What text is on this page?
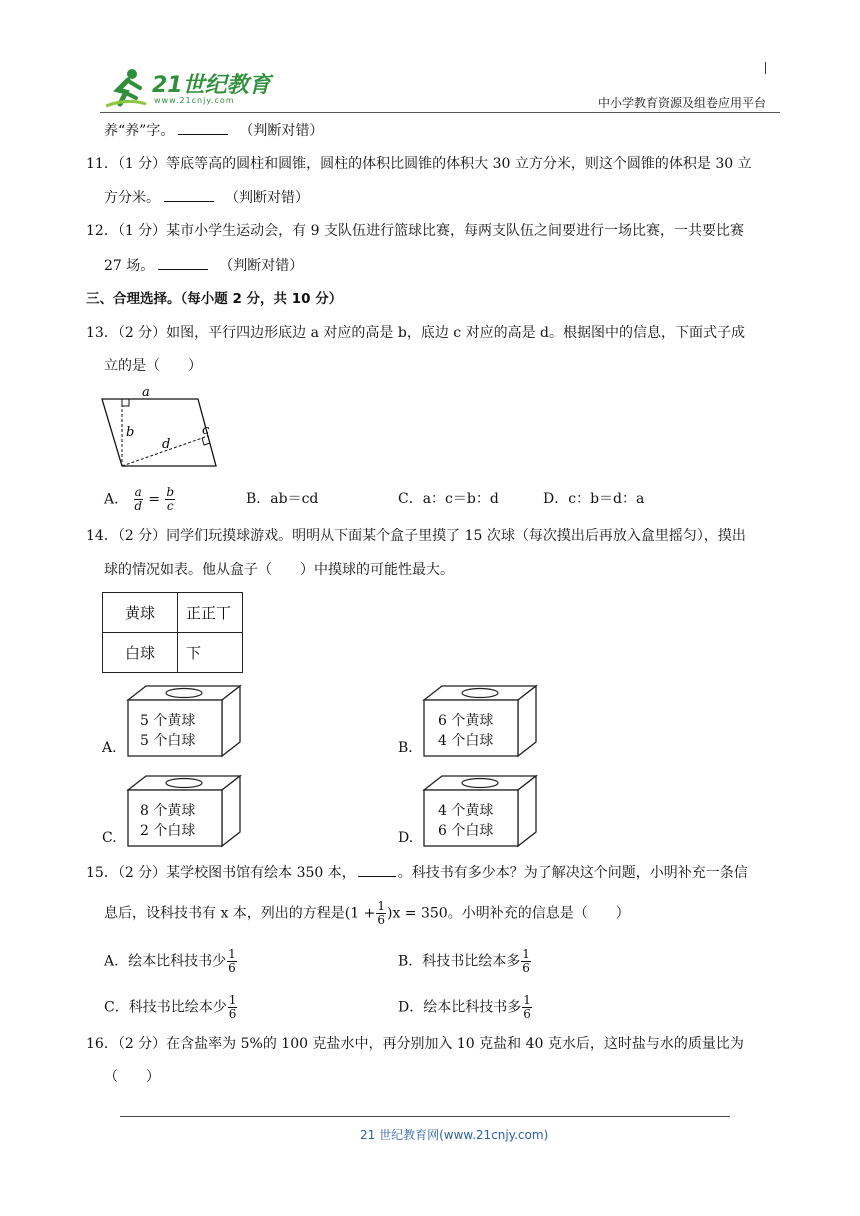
21世纪教育
www.21cnjy.com	中小学教育资源及组卷应用平台
养“养”字。　	（判断对错）
11．（1 分）等底等高的圆柱和圆锥，圆柱的体积比圆锥的体积大 30 立方分米，则这个圆锥的体积是 30 立
方分米。　	（判断对错）
12．（1 分）某市小学生运动会，有 9 支队伍进行篮球比赛，每两支队伍之间要进行一场比赛，一共要比赛
27 场。　	（判断对错）
三、合理选择。（每小题 2 分，共 10 分）
13．（2 分）如图，平行四边形底边 a 对应的高是 b，底边 c 对应的高是 d。根据图中的信息，下面式子成
立的是（　　）
a
b	c
d
A． $\frac{a}{d} = \frac{b}{c}$	B．ab＝cd	C．a：c＝b：d	D．c：b＝d：a
14．（2 分）同学们玩摸球游戏。明明从下面某个盒子里摸了 15 次球（每次摸出后再放入盒里摇匀），摸出
球的情况如表。他从盒子（　　）中摸球的可能性最大。
黄球	正正丅
白球	下
A.
5 个黄球
5 个白球	B.
6 个黄球
4 个白球
C.
8 个黄球
2 个白球	D.
4 个黄球
6 个白球
15．（2 分）某学校图书馆有绘本 350 本，	。科技书有多少本？为了解决这个问题，小明补充一条信
息后，设科技书有 x 本，列出的方程是$(1 + \frac{1}{6} )x = 350$。小明补充的信息是（　　）
A．绘本比科技书少 $\frac{1}{6}$	B．科技书比绘本多 $\frac{1}{6}$
C．科技书比绘本少 $\frac{1}{6}$	D．绘本比科技书多 $\frac{1}{6}$
16．（2 分）在含盐率为 5%的 100 克盐水中，再分别加入 10 克盐和 40 克水后，这时盐与水的质量比为
（　　）
21 世纪教育网(www.21cnjy.com)
